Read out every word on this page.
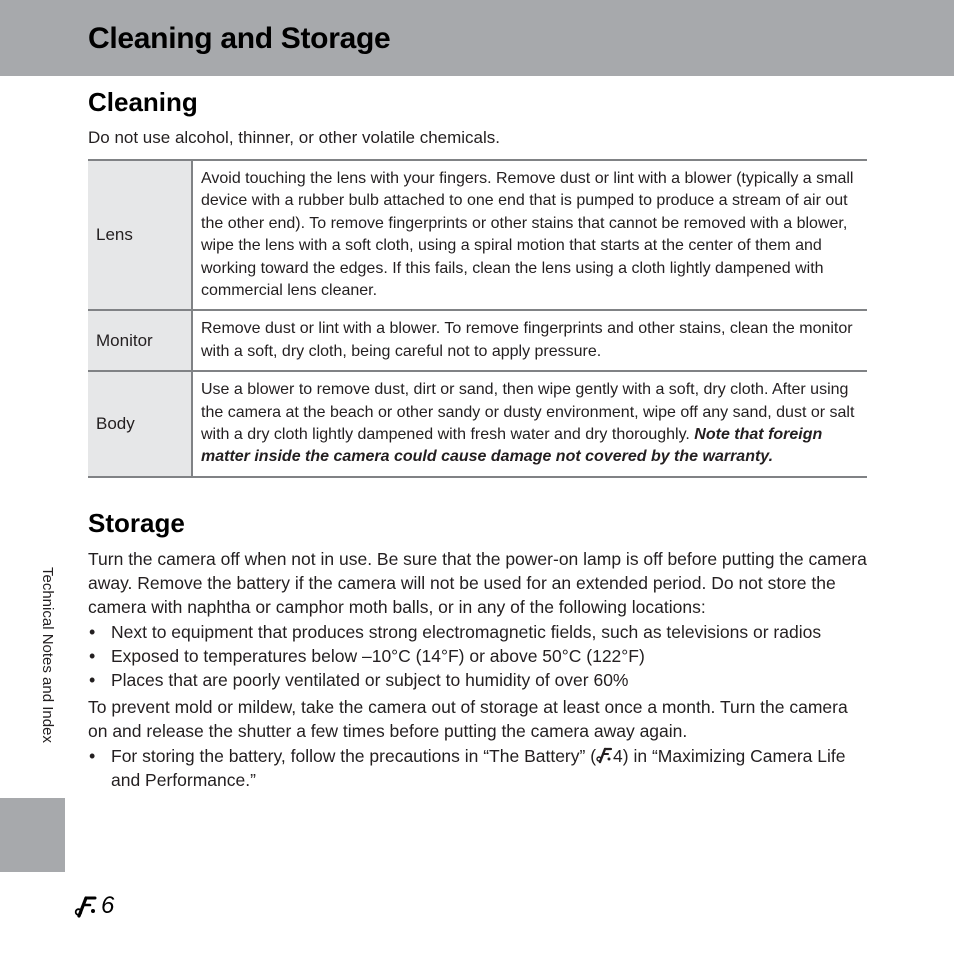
Cleaning and Storage
Cleaning

Do not use alcohol, thinner, or other volatile chemicals.

Lens	Avoid touching the lens with your fingers. Remove dust or lint with a blower (typically a small device with a rubber bulb attached to one end that is pumped to produce a stream of air out the other end). To remove fingerprints or other stains that cannot be removed with a blower, wipe the lens with a soft cloth, using a spiral motion that starts at the center of them and working toward the edges. If this fails, clean the lens using a cloth lightly dampened with commercial lens cleaner.
Monitor	Remove dust or lint with a blower. To remove fingerprints and other stains, clean the monitor with a soft, dry cloth, being careful not to apply pressure.
Body	Use a blower to remove dust, dirt or sand, then wipe gently with a soft, dry cloth. After using the camera at the beach or other sandy or dusty environment, wipe off any sand, dust or salt with a dry cloth lightly dampened with fresh water and dry thoroughly. Note that foreign matter inside the camera could cause damage not covered by the warranty.
Storage

Turn the camera off when not in use. Be sure that the power-on lamp is off before putting the camera away. Remove the battery if the camera will not be used for an extended period. Do not store the camera with naphtha or camphor moth balls, or in any of the following locations:

• Next to equipment that produces strong electromagnetic fields, such as televisions or radios
• Exposed to temperatures below –10°C (14°F) or above 50°C (122°F)
• Places that are poorly ventilated or subject to humidity of over 60%

To prevent mold or mildew, take the camera out of storage at least once a month. Turn the camera on and release the shutter a few times before putting the camera away again.

• For storing the battery, follow the precautions in “The Battery” ( 4) in “Maximizing Camera Life and Performance.”
Technical Notes and Index
6
